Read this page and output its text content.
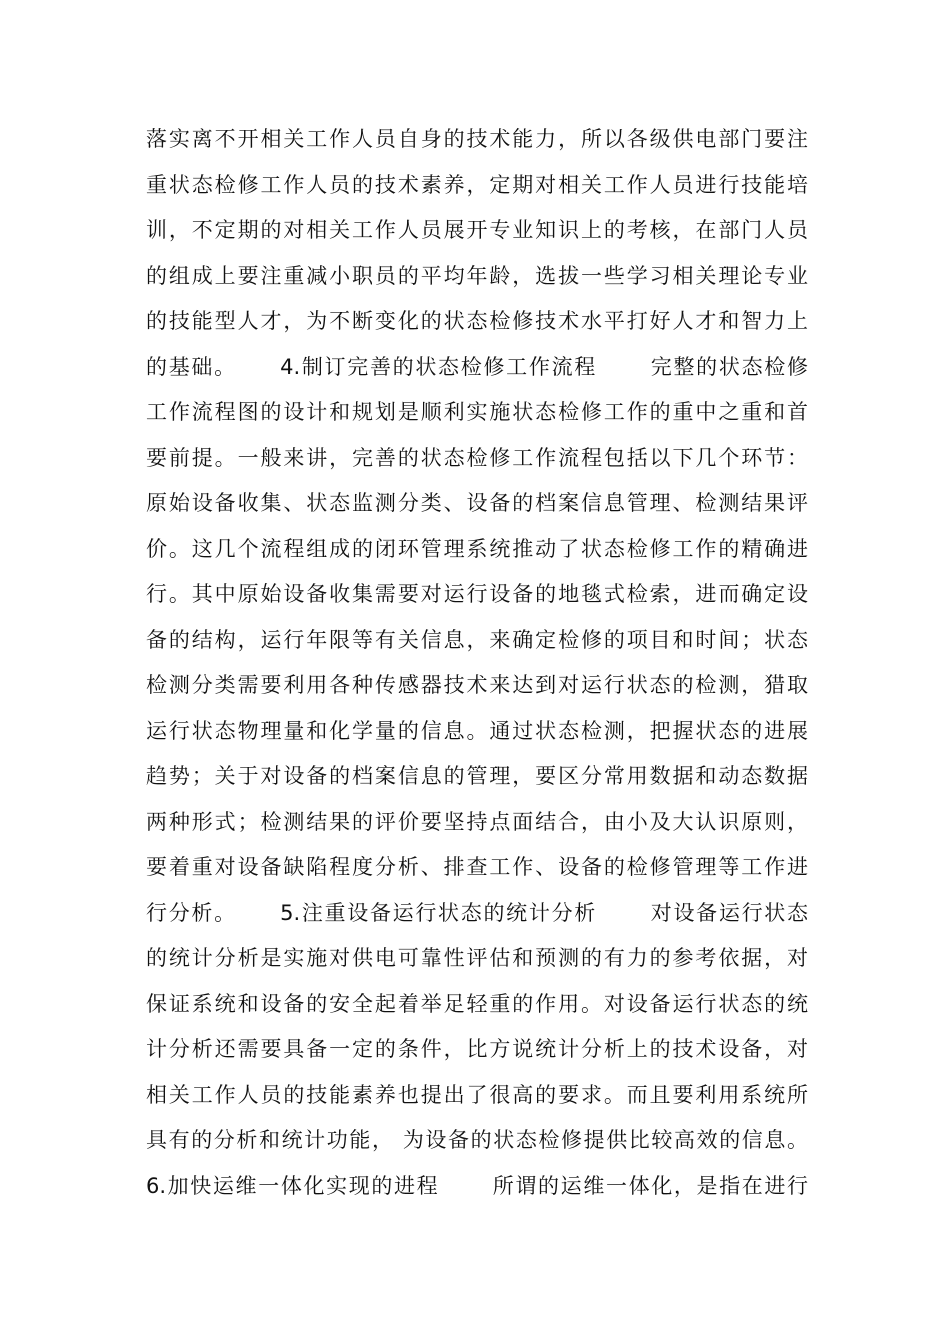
落实离不开相关工作人员自身的技术能力，所以各级供电部门要注
重状态检修工作人员的技术素养，定期对相关工作人员进行技能培
训，不定期的对相关工作人员展开专业知识上的考核，在部门人员
的组成上要注重减小职员的平均年龄，选拔一些学习相关理论专业
的技能型人才，为不断变化的状态检修技术水平打好人才和智力上
的基础。　　 4.制订完善的状态检修工作流程　　 完整的状态检修
工作流程图的设计和规划是顺利实施状态检修工作的重中之重和首
要前提。一般来讲，完善的状态检修工作流程包括以下几个环节：
原始设备收集、状态监测分类、设备的档案信息管理、检测结果评
价。这几个流程组成的闭环管理系统推动了状态检修工作的精确进
行。其中原始设备收集需要对运行设备的地毯式检索，进而确定设
备的结构，运行年限等有关信息，来确定检修的项目和时间；状态
检测分类需要利用各种传感器技术来达到对运行状态的检测，猎取
运行状态物理量和化学量的信息。通过状态检测，把握状态的进展
趋势；关于对设备的档案信息的管理，要区分常用数据和动态数据
两种形式；检测结果的评价要坚持点面结合，由小及大认识原则，
要着重对设备缺陷程度分析、排查工作、设备的检修管理等工作进
行分析。　　 5.注重设备运行状态的统计分析　　 对设备运行状态
的统计分析是实施对供电可靠性评估和预测的有力的参考依据，对
保证系统和设备的安全起着举足轻重的作用。对设备运行状态的统
计分析还需要具备一定的条件，比方说统计分析上的技术设备，对
相关工作人员的技能素养也提出了很高的要求。而且要利用系统所
具有的分析和统计功能， 为设备的状态检修提供比较高效的信息。
6.加快运维一体化实现的进程　　 所谓的运维一体化，是指在进行
